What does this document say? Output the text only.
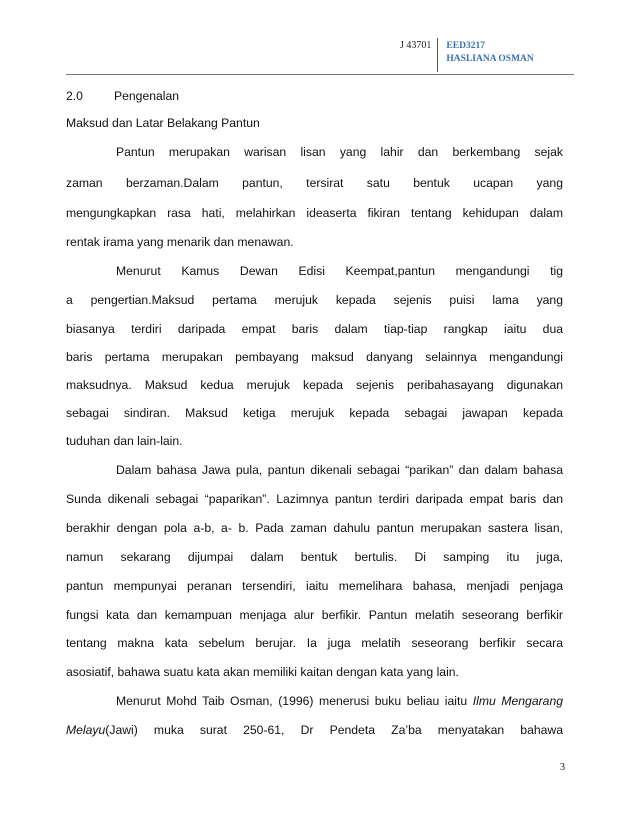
J 43701	EED3217
HASLIANA OSMAN
2.0	Pengenalan
Maksud dan Latar Belakang Pantun
Pantun merupakan warisan lisan yang lahir dan berkembang sejak
zaman berzaman.Dalam pantun, tersirat satu bentuk ucapan yang
mengungkapkan rasa hati, melahirkan ideaserta fikiran tentang kehidupan dalam
rentak irama yang menarik dan menawan.
Menurut Kamus Dewan Edisi Keempat,pantun mengandungi tig
a pengertian.Maksud pertama merujuk kepada sejenis puisi lama yang
biasanya terdiri daripada empat baris dalam tiap-tiap rangkap iaitu dua
baris pertama merupakan pembayang maksud danyang selainnya mengandungi
maksudnya. Maksud kedua merujuk kepada sejenis peribahasayang digunakan
sebagai sindiran. Maksud ketiga merujuk kepada sebagai jawapan kepada
tuduhan dan lain-lain.
Dalam bahasa Jawa pula, pantun dikenali sebagai “parikan” dan dalam bahasa
Sunda dikenali sebagai “paparikan”. Lazimnya pantun terdiri daripada empat baris dan
berakhir dengan pola a-b, a- b. Pada zaman dahulu pantun merupakan sastera lisan,
namun sekarang dijumpai dalam bentuk bertulis. Di samping itu juga,
pantun mempunyai peranan tersendiri, iaitu memelihara bahasa, menjadi penjaga
fungsi kata dan kemampuan menjaga alur berfikir. Pantun melatih seseorang berfikir
tentang makna kata sebelum berujar. Ia juga melatih seseorang berfikir secara
asosiatif, bahawa suatu kata akan memiliki kaitan dengan kata yang lain.
Menurut Mohd Taib Osman, (1996) menerusi buku beliau iaitu Ilmu Mengarang
Melayu(Jawi) muka surat 250-61, Dr Pendeta Za’ba menyatakan bahawa
3
